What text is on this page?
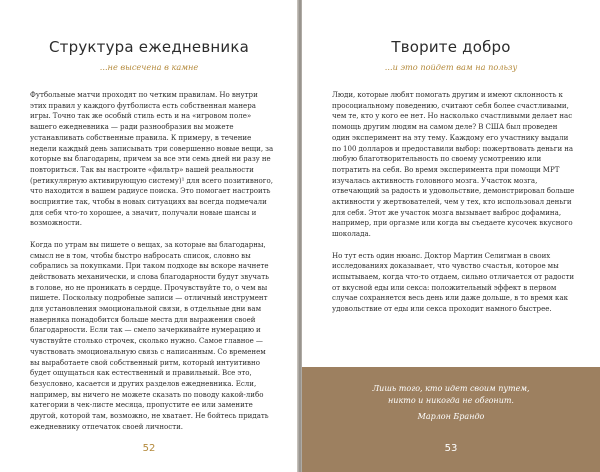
Структура ежедневника
...не высечена в камне

Футбольные матчи проходят по четким правилам. Но внутри этих правил у каждого футболиста есть собственная манера игры. Точно так же особый стиль есть и на «игровом поле» вашего ежедневника — ради разнообразия вы можете устанавливать собственные правила. К примеру, в течение недели каждый день записывать три совершенно новые вещи, за которые вы благодарны, причем за все эти семь дней ни разу не повториться. Так вы настроите «фильтр» вашей реальности (ретикулярную активирующую систему)¹ для всего позитивного, что находится в вашем радиусе поиска. Это помогает настроить восприятие так, чтобы в новых ситуациях вы всегда подмечали для себя что-то хорошее, а значит, получали новые шансы и возможности.

Когда по утрам вы пишете о вещах, за которые вы благодарны, смысл не в том, чтобы быстро набросать список, словно вы собрались за покупками. При таком подходе вы вскоре начнете действовать механически, и слова благодарности будут звучать в голове, но не проникать в сердце. Прочувствуйте то, о чем вы пишете. Поскольку подробные записи — отличный инструмент для установления эмоциональной связи, в отдельные дни вам наверняка понадобится больше места для выражения своей благодарности. Если так — смело зачеркивайте нумерацию и чувствуйте столько строчек, сколько нужно. Самое главное — чувствовать эмоциональную связь с написанным. Со временем вы выработаете свой собственный ритм, который интуитивно будет ощущаться как естественный и правильный. Все это, безусловно, касается и других разделов ежедневника. Если, например, вы ничего не можете сказать по поводу какой-либо категории в чек-листе месяца, пропустите ее или замените другой, которой там, возможно, не хватает. Не бойтесь придать ежедневнику отпечаток своей личности.

52
Творите добро
...и это пойдет вам на пользу

Люди, которые любят помогать другим и имеют склонность к просоциальному поведению, считают себя более счастливыми, чем те, кто у кого ее нет. Но насколько счастливыми делает нас помощь другим людям на самом деле? В США был проведен один эксперимент на эту тему. Каждому его участнику выдали по 100 долларов и предоставили выбор: пожертвовать деньги на любую благотворительность по своему усмотрению или потратить на себя. Во время эксперимента при помощи МРТ изучалась активность головного мозга. Участок мозга, отвечающий за радость и удовольствие, демонстрировал больше активности у жертвователей, чем у тех, кто использовал деньги для себя. Этот же участок мозга вызывает выброс дофамина, например, при оргазме или когда вы съедаете кусочек вкусного шоколада.

Но тут есть один нюанс. Доктор Мартин Селигман в своих исследованиях доказывает, что чувство счастья, которое мы испытываем, когда что-то отдаем, сильно отличается от радости от вкусной еды или секса: положительный эффект в первом случае сохраняется весь день или даже дольше, в то время как удовольствие от еды или секса проходит намного быстрее.

Лишь того, кто идет своим путем,
никто и никогда не обгонит.
Марлон Брандо
53
